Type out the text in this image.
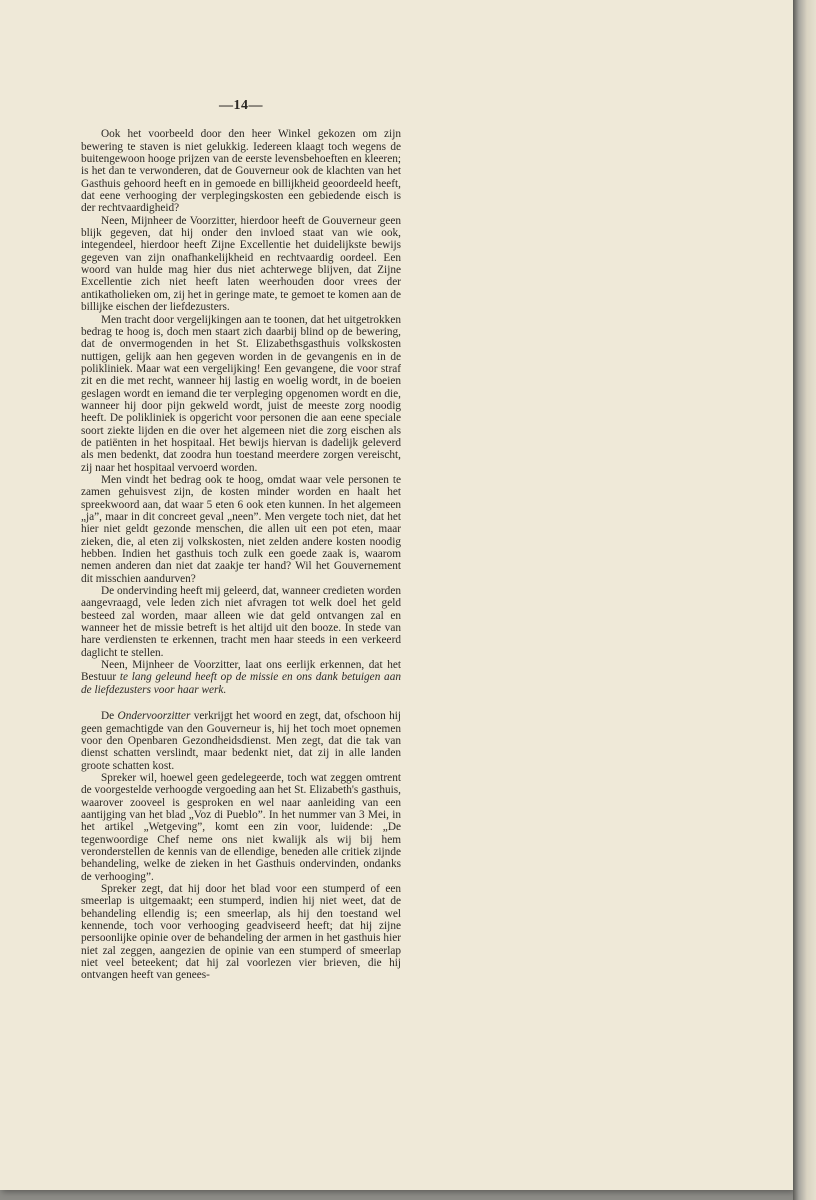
—14—

Ook het voorbeeld door den heer Winkel gekozen om zijn bewering te staven is niet gelukkig. Iedereen klaagt toch wegens de buitengewoon hooge prijzen van de eerste levensbehoeften en kleeren; is het dan te verwonderen, dat de Gouverneur ook de klachten van het Gasthuis gehoord heeft en in gemoede en billijkheid geoordeeld heeft, dat eene verhooging der verplegingskosten een gebiedende eisch is der rechtvaardigheid?

Neen, Mijnheer de Voorzitter, hierdoor heeft de Gouverneur geen blijk gegeven, dat hij onder den invloed staat van wie ook, integendeel, hierdoor heeft Zijne Excellentie het duidelijkste bewijs gegeven van zijn onafhankelijkheid en rechtvaardig oordeel. Een woord van hulde mag hier dus niet achterwege blijven, dat Zijne Excellentie zich niet heeft laten weerhouden door vrees der antikatholieken om, zij het in geringe mate, te gemoet te komen aan de billijke eischen der liefdezusters.

Men tracht door vergelijkingen aan te toonen, dat het uitgetrokken bedrag te hoog is, doch men staart zich daarbij blind op de bewering, dat de onvermogenden in het St. Elizabethsgasthuis volkskosten nuttigen, gelijk aan hen gegeven worden in de gevangenis en in de polikliniek. Maar wat een vergelijking! Een gevangene, die voor straf zit en die met recht, wanneer hij lastig en woelig wordt, in de boeien geslagen wordt en iemand die ter verpleging opgenomen wordt en die, wanneer hij door pijn gekweld wordt, juist de meeste zorg noodig heeft. De polikliniek is opgericht voor personen die aan eene speciale soort ziekte lijden en die over het algemeen niet die zorg eischen als de patiënten in het hospitaal. Het bewijs hiervan is dadelijk geleverd als men bedenkt, dat zoodra hun toestand meerdere zorgen vereischt, zij naar het hospitaal vervoerd worden.

Men vindt het bedrag ook te hoog, omdat waar vele personen te zamen gehuisvest zijn, de kosten minder worden en haalt het spreekwoord aan, dat waar 5 eten 6 ook eten kunnen. In het algemeen „ja”, maar in dit concreet geval „neen”. Men vergete toch niet, dat het hier niet geldt gezonde menschen, die allen uit een pot eten, maar zieken, die, al eten zij volkskosten, niet zelden andere kosten noodig hebben. Indien het gasthuis toch zulk een goede zaak is, waarom nemen anderen dan niet dat zaakje ter hand? Wil het Gouvernement dit misschien aandurven?

De ondervinding heeft mij geleerd, dat, wanneer credieten worden aangevraagd, vele leden zich niet afvragen tot welk doel het geld besteed zal worden, maar alleen wie dat geld ontvangen zal en wanneer het de missie betreft is het altijd uit den booze. In stede van hare verdiensten te erkennen, tracht men haar steeds in een verkeerd daglicht te stellen.

Neen, Mijnheer de Voorzitter, laat ons eerlijk erkennen, dat het Bestuur te lang geleund heeft op de missie en ons dank betuigen aan de liefdezusters voor haar werk.

De Ondervoorzitter verkrijgt het woord en zegt, dat, ofschoon hij geen gemachtigde van den Gouverneur is, hij het toch moet opnemen voor den Openbaren Gezondheidsdienst. Men zegt, dat die tak van dienst schatten verslindt, maar bedenkt niet, dat zij in alle landen groote schatten kost.

Spreker wil, hoewel geen gedelegeerde, toch wat zeggen omtrent de voorgestelde verhoogde vergoeding aan het St. Elizabeth's gasthuis, waarover zooveel is gesproken en wel naar aanleiding van een aantijging van het blad „Voz di Pueblo”. In het nummer van 3 Mei, in het artikel „Wetgeving”, komt een zin voor, luidende: „De tegenwoordige Chef neme ons niet kwalijk als wij bij hem veronderstellen de kennis van de ellendige, beneden alle critiek zijnde behandeling, welke de zieken in het Gasthuis ondervinden, ondanks de verhooging”.

Spreker zegt, dat hij door het blad voor een stumperd of een smeerlap is uitgemaakt; een stumperd, indien hij niet weet, dat de behandeling ellendig is; een smeerlap, als hij den toestand wel kennende, toch voor verhooging geadviseerd heeft; dat hij zijne persoonlijke opinie over de behandeling der armen in het gasthuis hier niet zal zeggen, aangezien de opinie van een stumperd of smeerlap niet veel beteekent; dat hij zal voorlezen vier brieven, die hij ontvangen heeft van genees-
